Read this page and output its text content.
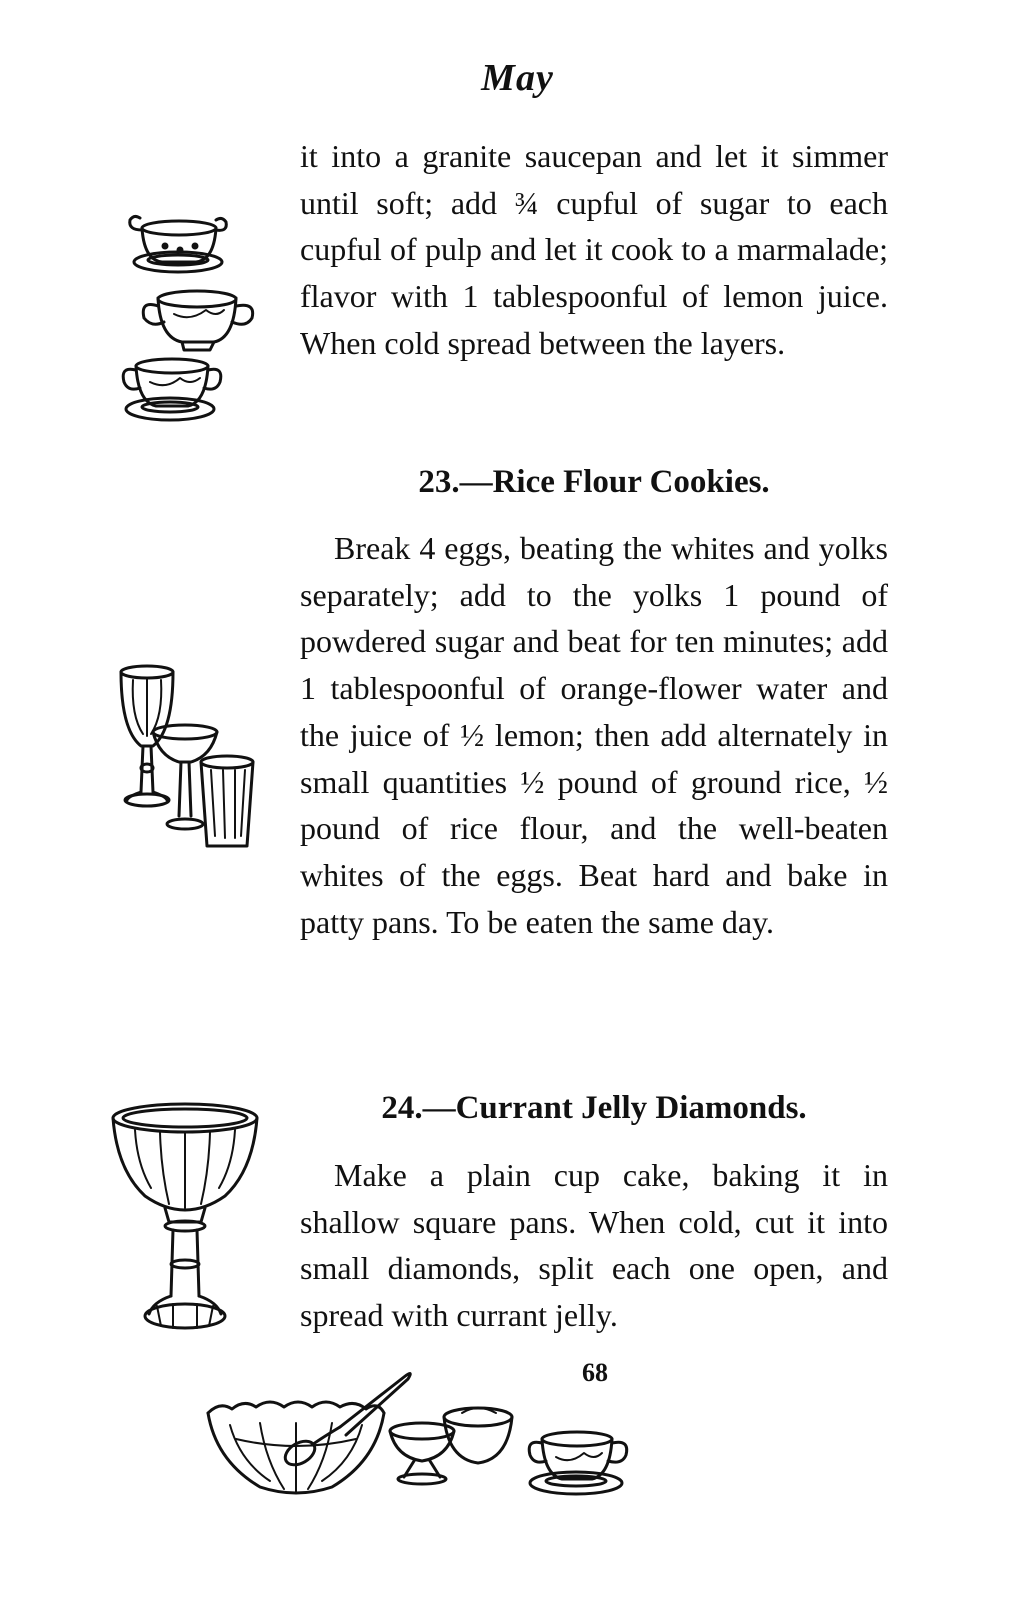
May

it into a granite saucepan and let it simmer until soft; add ¾ cupful of sugar to each cupful of pulp and let it cook to a marmalade; flavor with 1 tablespoonful of lemon juice. When cold spread between the layers.

23.—Rice Flour Cookies.

Break 4 eggs, beating the whites and yolks separately; add to the yolks 1 pound of powdered sugar and beat for ten minutes; add 1 tablespoonful of orange-flower water and the juice of ½ lemon; then add alternately in small quantities ½ pound of ground rice, ½ pound of rice flour, and the well-beaten whites of the eggs. Beat hard and bake in patty pans. To be eaten the same day.

24.—Currant Jelly Diamonds.

Make a plain cup cake, baking it in shallow square pans. When cold, cut it into small diamonds, split each one open, and spread with currant jelly.

68
